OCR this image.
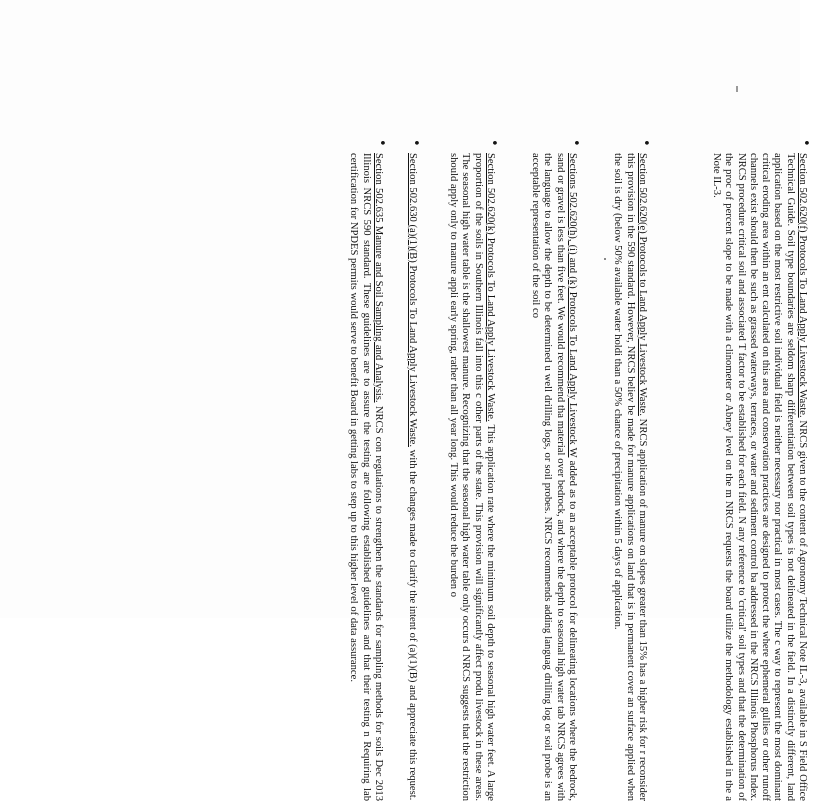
•

Section 502.620(f) Protocols To Land Apply Livestock Waste. NRCS given to the content of Agronomy Technical Note IL-3, available in S Field Office Technical Guide. Soil type boundaries are seldom sharp differentiation between soil types is not delineated in the field. In a distinctly different, land application based on the most restrictive soil individual field is neither necessary nor practical in most cases. The c way to represent the most dominant critical eroding area within an ent calculated on this area and conservation practices are designed to protect the where ephemeral gullies or other runoff channels exist should then be such as grassed waterways, terraces, or water and sediment control ba addressed in the NRCS Illinois Phosphorus Index. NRCS procedure critical soil and associated T factor to be established for each field. N any reference to 'critical' soil types and that the determination of the proc of percent slope to be made with a clinometer or Abney level on the m NRCS requests the board utilize the methodology established in the a Note IL-3.

•

Section 502.620(e) Protocols to Land Apply Livestock Waste. NRCS application of manure on slopes greater than 15% has a higher risk for r reconsider this provision in the 590 standard. However, NRCS believ be made for manure applications on land that is in permanent cover an surface applied when the soil is dry (below 50% available water holdi than a 50% chance of precipitation within 5 days of application.

•

Sections 502.620(h), (i) and (k) Protocols To Land Apply Livestock W added as to an acceptable protocol for delineating locations where the bedrock, sand or gravel is less than five feet. We would recommend tha material over bedrock, and where the depth to seasonal high water tab NRCS agrees with the language to allow the depth to be determined u well drilling logs, or soil probes. NRCS recommends adding languag drilling log or soil probe is an acceptable representation of the soil co

•

Section 502.620(k) Protocols To Land Apply Livestock Waste. This application rate where the minimum soil depth to seasonal high water feet. A large proportion of the soils in Southern Illinois fall into this c other parts of the state. This provision will significantly affect produ livestock in these areas. The seasonal high water table is the shallowest manure. Recognizing that the seasonal high water table only occurs d NRCS suggests that the restriction should apply only to manure appli early spring, rather than all year long. This would reduce the burden o

•

Section 502.630 (a)(1)(B) Protocols To Land Apply Livestock Waste. with the changes made to clarify the intent of (a)(1)(B) and appreciate this request.

•

Section 502.635 Manure and Soil Sampling and Analysis. NRCS con regulations to strengthen the standards for sampling methods for soils Dec 2013 Illinois NRCS 590 standard. These guidelines are to assure the testing are following established guidelines and that their testing n Requiring lab certification for NPDES permits would serve to benefit Board in getting labs to step up to this higher level of data assurance.
